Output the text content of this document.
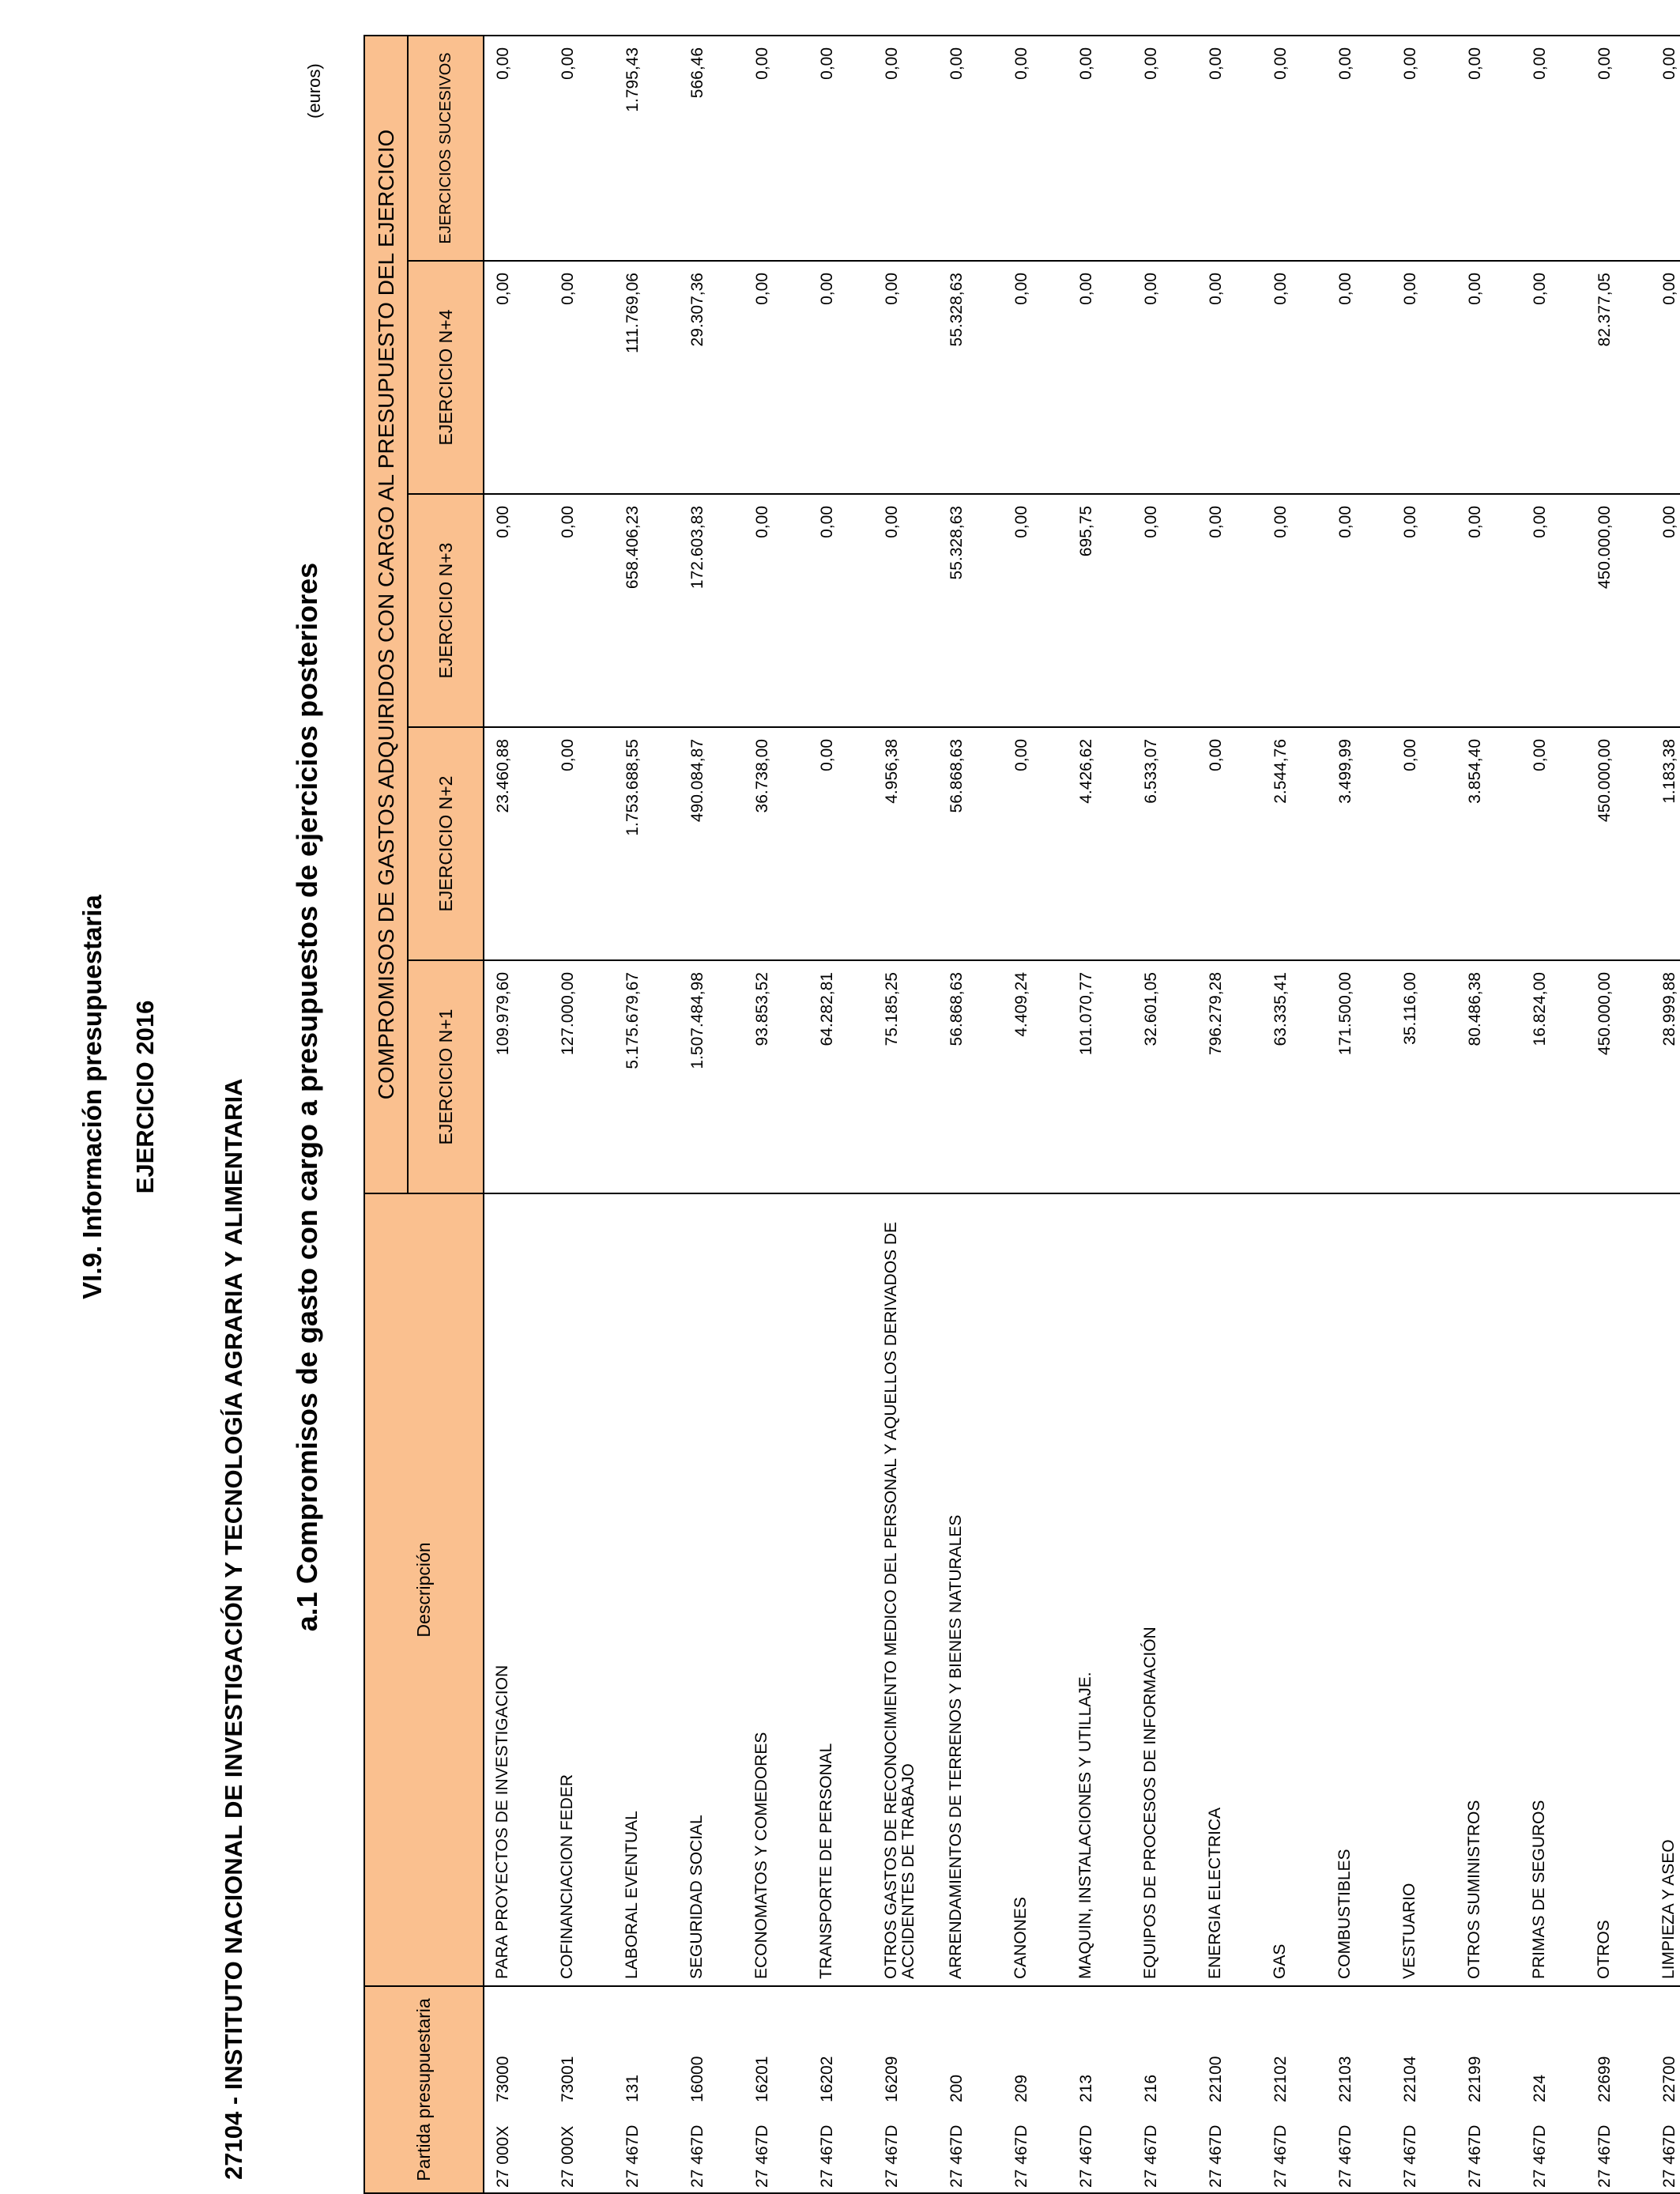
VI.9. Información presupuestaria EJERCICIO 2016 27104 - INSTITUTO NACIONAL DE INVESTIGACIÓN Y TECNOLOGÍA AGRARIA Y ALIMENTARIA a.1 Compromisos de gasto con cargo a presupuestos de ejercicios posteriores
(euros)
Partida presupuestaria	Descripción	COMPROMISOS DE GASTOS ADQUIRIDOS CON CARGO AL PRESUPUESTO DEL EJERCICIO				
		EJERCICIO N+1	EJERCICIO N+2	EJERCICIO N+3	EJERCICIO N+4	EJERCICIOS SUCESIVOS
27 000X73000	PARA PROYECTOS DE INVESTIGACION	109.979,60	23.460,88	0,00	0,00	0,00
27 000X73001	COFINANCIACION FEDER	127.000,00	0,00	0,00	0,00	0,00
27 467D131	LABORAL EVENTUAL	5.175.679,67	1.753.688,55	658.406,23	111.769,06	1.795,43
27 467D16000	SEGURIDAD SOCIAL	1.507.484,98	490.084,87	172.603,83	29.307,36	566,46
27 467D16201	ECONOMATOS Y COMEDORES	93.853,52	36.738,00	0,00	0,00	0,00
27 467D16202	TRANSPORTE DE PERSONAL	64.282,81	0,00	0,00	0,00	0,00
27 467D16209	OTROS GASTOS DE RECONOCIMIENTO MEDICO DEL PERSONAL Y AQUELLOS DERIVADOS DE ACCIDENTES DE TRABAJO	75.185,25	4.956,38	0,00	0,00	0,00
27 467D200	ARRENDAMIENTOS DE TERRENOS Y BIENES NATURALES	56.868,63	56.868,63	55.328,63	55.328,63	0,00
27 467D209	CANONES	4.409,24	0,00	0,00	0,00	0,00
27 467D213	MAQUIN, INSTALACIONES Y UTILLAJE.	101.070,77	4.426,62	695,75	0,00	0,00
27 467D216	EQUIPOS DE PROCESOS DE INFORMACIÓN	32.601,05	6.533,07	0,00	0,00	0,00
27 467D22100	ENERGIA ELECTRICA	796.279,28	0,00	0,00	0,00	0,00
27 467D22102	GAS	63.335,41	2.544,76	0,00	0,00	0,00
27 467D22103	COMBUSTIBLES	171.500,00	3.499,99	0,00	0,00	0,00
27 467D22104	VESTUARIO	35.116,00	0,00	0,00	0,00	0,00
27 467D22199	OTROS SUMINISTROS	80.486,38	3.854,40	0,00	0,00	0,00
27 467D224	PRIMAS DE SEGUROS	16.824,00	0,00	0,00	0,00	0,00
27 467D22699	OTROS	450.000,00	450.000,00	450.000,00	82.377,05	0,00
27 467D22700	LIMPIEZA Y ASEO	28.999,88	1.183,38	0,00	0,00	0,00
